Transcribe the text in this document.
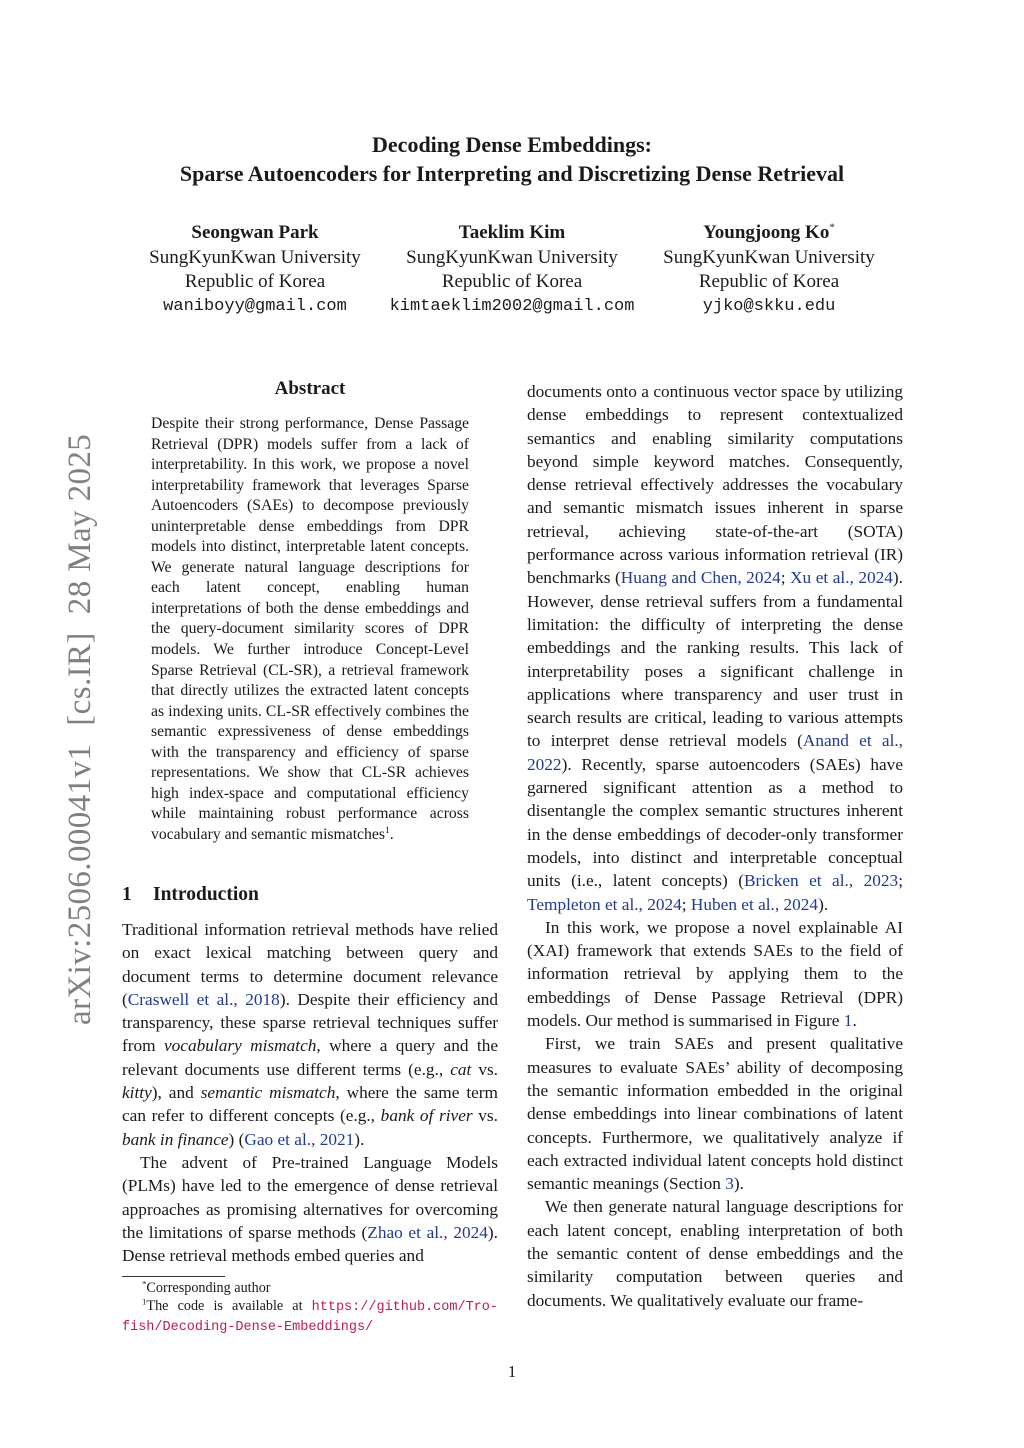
Decoding Dense Embeddings:
Sparse Autoencoders for Interpreting and Discretizing Dense Retrieval
Seongwan Park
SungKyunKwan University
Republic of Korea
waniboyy@gmail.com
Taeklim Kim
SungKyunKwan University
Republic of Korea
kimtaeklim2002@gmail.com
Youngjoong Ko*
SungKyunKwan University
Republic of Korea
yjko@skku.edu
arXiv:2506.00041v1[cs.IR]28 May 2025
Abstract
Despite their strong performance, Dense Passage Retrieval (DPR) models suffer from a lack of interpretability. In this work, we propose a novel interpretability framework that leverages Sparse Autoencoders (SAEs) to decompose previously uninterpretable dense embeddings from DPR models into distinct, interpretable latent concepts. We generate natural language descriptions for each latent concept, enabling human interpretations of both the dense embeddings and the query-document similarity scores of DPR models. We further introduce Concept-Level Sparse Retrieval (CL-SR), a retrieval framework that directly utilizes the extracted latent concepts as indexing units. CL-SR effectively combines the semantic expressiveness of dense embeddings with the transparency and efficiency of sparse representations. We show that CL-SR achieves high index-space and computational efficiency while maintaining robust performance across vocabulary and semantic mismatches$^1$.
1 Introduction

Traditional information retrieval methods have relied on exact lexical matching between query and document terms to determine document relevance (Craswell et al., 2018). Despite their efficiency and transparency, these sparse retrieval techniques suffer from vocabulary mismatch, where a query and the relevant documents use different terms (e.g., cat vs. kitty), and semantic mismatch, where the same term can refer to different concepts (e.g., bank of river vs. bank in finance) (Gao et al., 2021).

The advent of Pre-trained Language Models (PLMs) have led to the emergence of dense retrieval approaches as promising alternatives for overcoming the limitations of sparse methods (Zhao et al., 2024). Dense retrieval methods embed queries and

documents onto a continuous vector space by utilizing dense embeddings to represent contextualized semantics and enabling similarity computations beyond simple keyword matches. Consequently, dense retrieval effectively addresses the vocabulary and semantic mismatch issues inherent in sparse retrieval, achieving state-of-the-art (SOTA) performance across various information retrieval (IR) benchmarks (Huang and Chen, 2024; Xu et al., 2024). However, dense retrieval suffers from a fundamental limitation: the difficulty of interpreting the dense embeddings and the ranking results. This lack of interpretability poses a significant challenge in applications where transparency and user trust in search results are critical, leading to various attempts to interpret dense retrieval models (Anand et al., 2022). Recently, sparse autoencoders (SAEs) have garnered significant attention as a method to disentangle the complex semantic structures inherent in the dense embeddings of decoder-only transformer models, into distinct and interpretable conceptual units (i.e., latent concepts) (Bricken et al., 2023; Templeton et al., 2024; Huben et al., 2024).

In this work, we propose a novel explainable AI (XAI) framework that extends SAEs to the field of information retrieval by applying them to the embeddings of Dense Passage Retrieval (DPR) models. Our method is summarised in Figure 1.

First, we train SAEs and present qualitative measures to evaluate SAEs’ ability of decomposing the semantic information embedded in the original dense embeddings into linear combinations of latent concepts. Furthermore, we qualitatively analyze if each extracted individual latent concepts hold distinct semantic meanings (Section 3).

We then generate natural language descriptions for each latent concept, enabling interpretation of both the semantic content of dense embeddings and the similarity computation between queries and documents. We qualitatively evaluate our frame-

*Corresponding author
$^1$The code is available at https://github.com/Tro-fish/Decoding-Dense-Embeddings/
1
